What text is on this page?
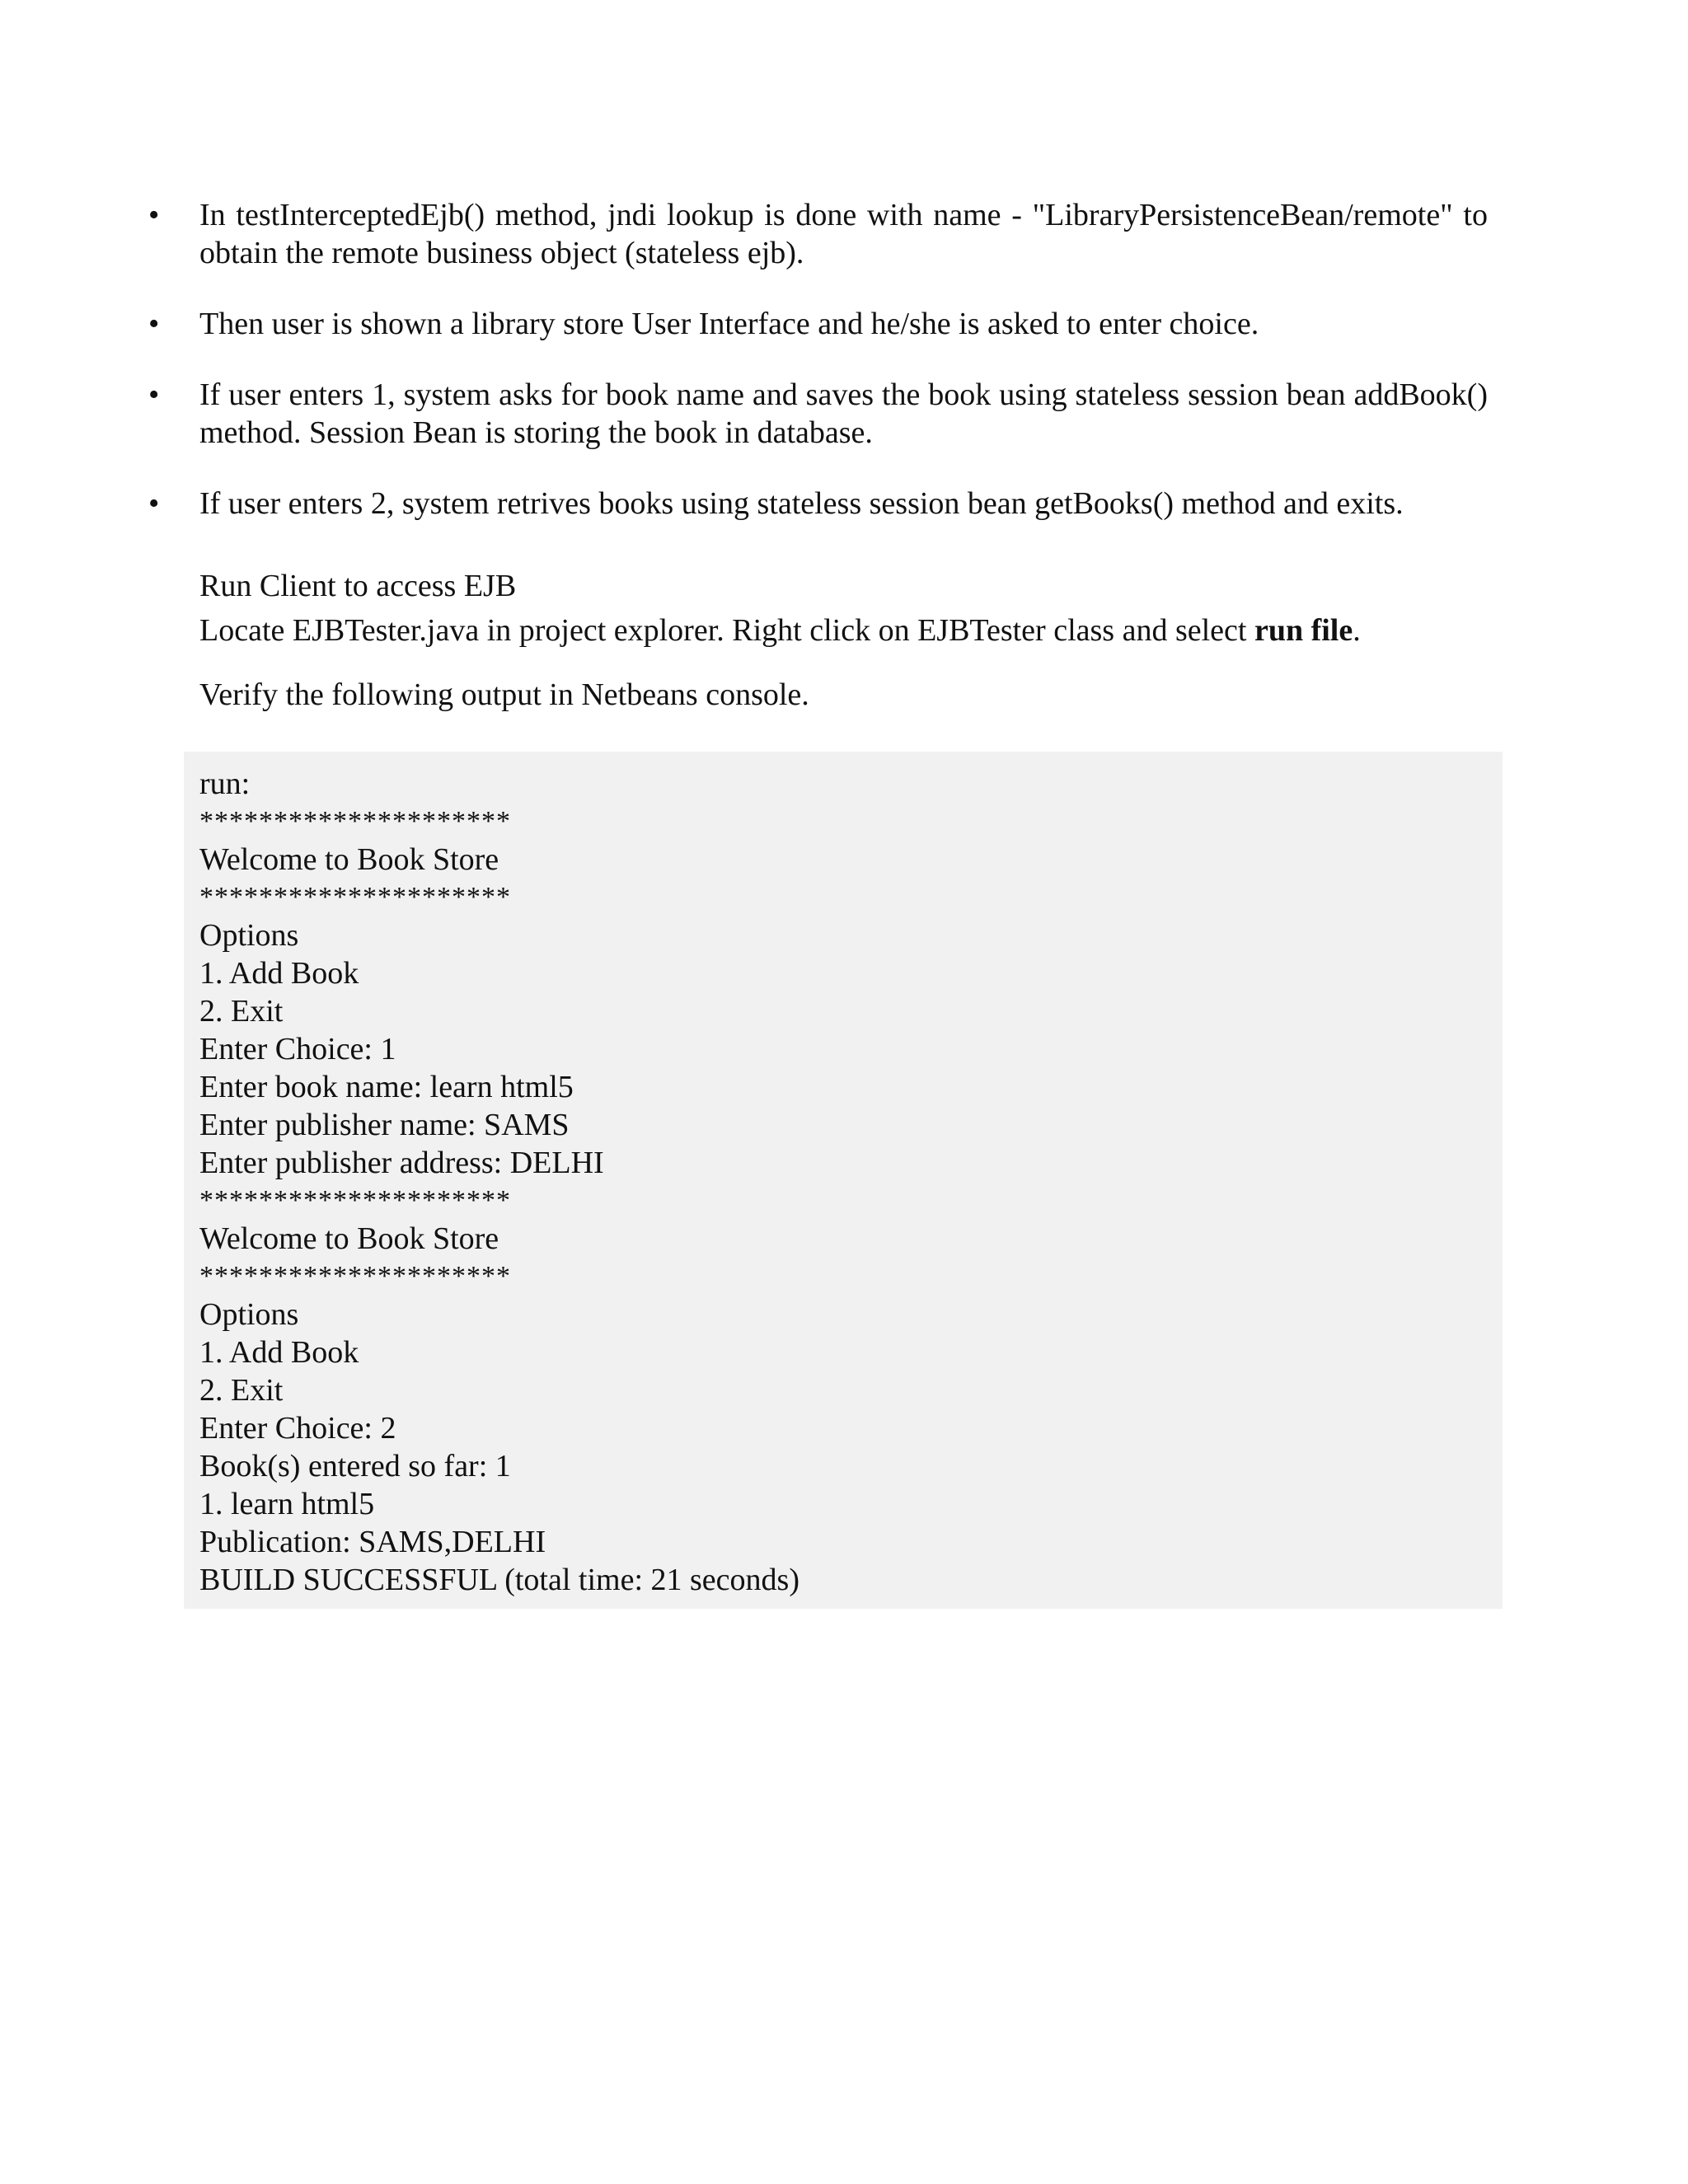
• In testInterceptedEjb() method, jndi lookup is done with name - "LibraryPersistenceBean/remote" to obtain the remote business object (stateless ejb).
• Then user is shown a library store User Interface and he/she is asked to enter choice.
• If user enters 1, system asks for book name and saves the book using stateless session bean addBook() method. Session Bean is storing the book in database.
• If user enters 2, system retrives books using stateless session bean getBooks() method and exits.
Run Client to access EJB
Locate EJBTester.java in project explorer. Right click on EJBTester class and select run file.
Verify the following output in Netbeans console.
run:
*********************
Welcome to Book Store
*********************
Options
1. Add Book
2. Exit
Enter Choice: 1
Enter book name: learn html5
Enter publisher name: SAMS
Enter publisher address: DELHI
*********************
Welcome to Book Store
*********************
Options
1. Add Book
2. Exit
Enter Choice: 2
Book(s) entered so far: 1
1. learn html5
Publication: SAMS,DELHI
BUILD SUCCESSFUL (total time: 21 seconds)
